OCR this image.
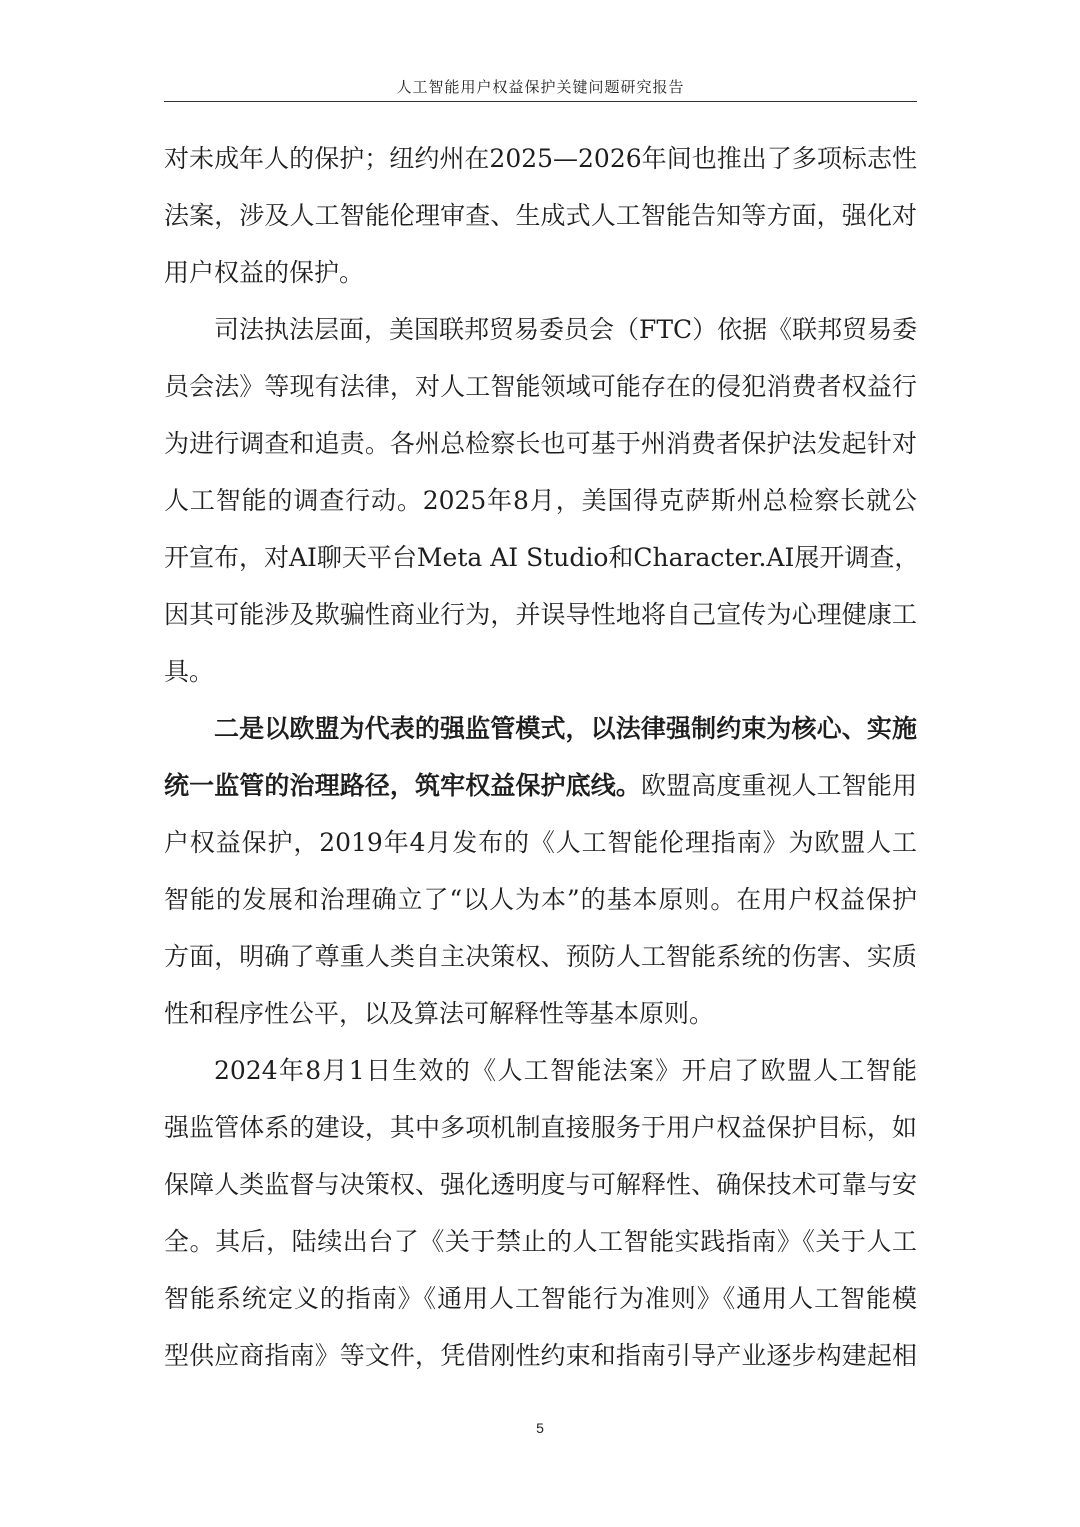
人工智能用户权益保护关键问题研究报告
对未成年人的保护；纽约州在2025—2026年间也推出了多项标志性
法案，涉及人工智能伦理审查、生成式人工智能告知等方面，强化对
用户权益的保护。
司法执法层面，美国联邦贸易委员会（FTC）依据《联邦贸易委
员会法》等现有法律，对人工智能领域可能存在的侵犯消费者权益行
为进行调查和追责。各州总检察长也可基于州消费者保护法发起针对
人工智能的调查行动。2025年8月，美国得克萨斯州总检察长就公
开宣布，对AI聊天平台Meta AI Studio和Character.AI展开调查，
因其可能涉及欺骗性商业行为，并误导性地将自己宣传为心理健康工
具。
二是以欧盟为代表的强监管模式，以法律强制约束为核心、实施
统一监管的治理路径，筑牢权益保护底线。欧盟高度重视人工智能用
户权益保护，2019年4月发布的《人工智能伦理指南》为欧盟人工
智能的发展和治理确立了“以人为本”的基本原则。在用户权益保护
方面，明确了尊重人类自主决策权、预防人工智能系统的伤害、实质
性和程序性公平，以及算法可解释性等基本原则。
2024年8月1日生效的《人工智能法案》开启了欧盟人工智能
强监管体系的建设，其中多项机制直接服务于用户权益保护目标，如
保障人类监督与决策权、强化透明度与可解释性、确保技术可靠与安
全。其后，陆续出台了《关于禁止的人工智能实践指南》《关于人工
智能系统定义的指南》《通用人工智能行为准则》《通用人工智能模
型供应商指南》等文件，凭借刚性约束和指南引导产业逐步构建起相
5
